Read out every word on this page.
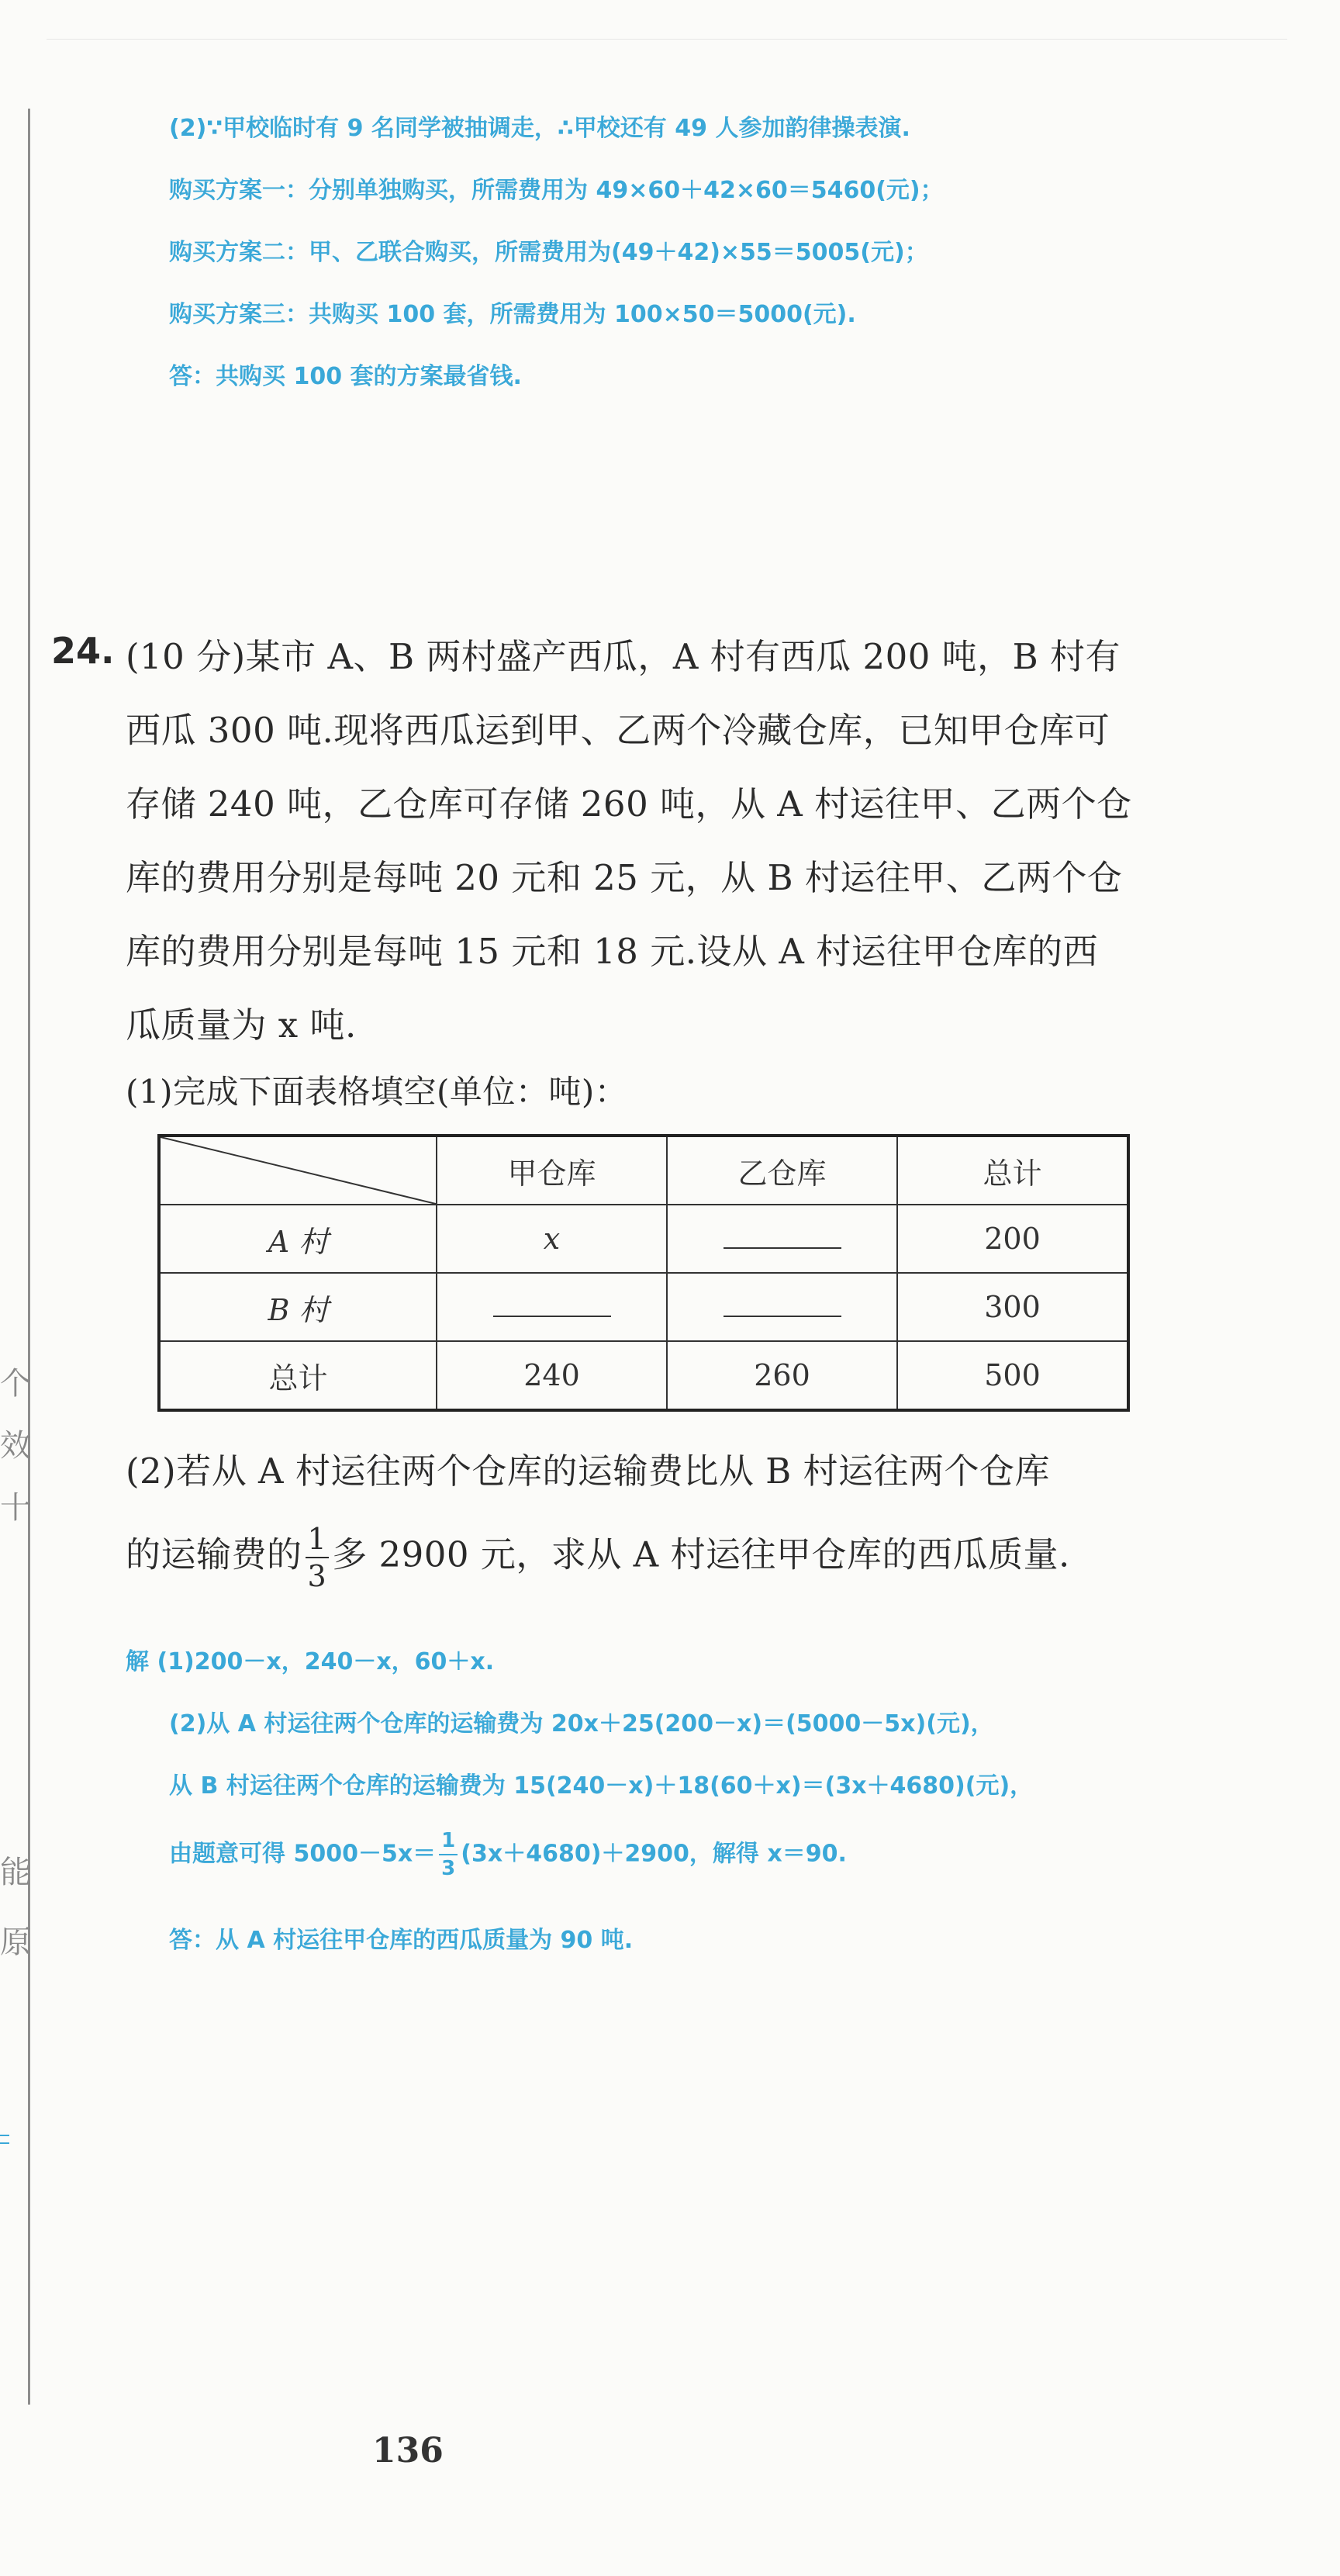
(2)∵甲校临时有 9 名同学被抽调走，∴甲校还有 49 人参加韵律操表演.
购买方案一：分别单独购买，所需费用为 49×60＋42×60＝5460(元)；
购买方案二：甲、乙联合购买，所需费用为(49＋42)×55＝5005(元)；
购买方案三：共购买 100 套，所需费用为 100×50＝5000(元).
答：共购买 100 套的方案最省钱.
24. (10 分)某市 A、B 两村盛产西瓜，A 村有西瓜 200 吨，B 村有
西瓜 300 吨.现将西瓜运到甲、乙两个冷藏仓库，已知甲仓库可
存储 240 吨，乙仓库可存储 260 吨，从 A 村运往甲、乙两个仓
库的费用分别是每吨 20 元和 25 元，从 B 村运往甲、乙两个仓
库的费用分别是每吨 15 元和 18 元.设从 A 村运往甲仓库的西
瓜质量为 x 吨.
(1)完成下面表格填空(单位：吨)：
	甲仓库	乙仓库	总计
A 村	x		200
B 村			300
总计	240	260	500
(2)若从 A 村运往两个仓库的运输费比从 B 村运往两个仓库
的运输费的 $\frac{1}{3}$ 多 2900 元，求从 A 村运往甲仓库的西瓜质量.
解 (1)200－x，240－x，60＋x.
(2)从 A 村运往两个仓库的运输费为 20x＋25(200－x)＝(5000－5x)(元)，
从 B 村运往两个仓库的运输费为 15(240－x)＋18(60＋x)＝(3x＋4680)(元)，
由题意可得 $5000-5x= \frac{1}{3} (3x+4680)+2900$，解得 x＝90.
答：从 A 村运往甲仓库的西瓜质量为 90 吨.
个
效
十
能
原
136
